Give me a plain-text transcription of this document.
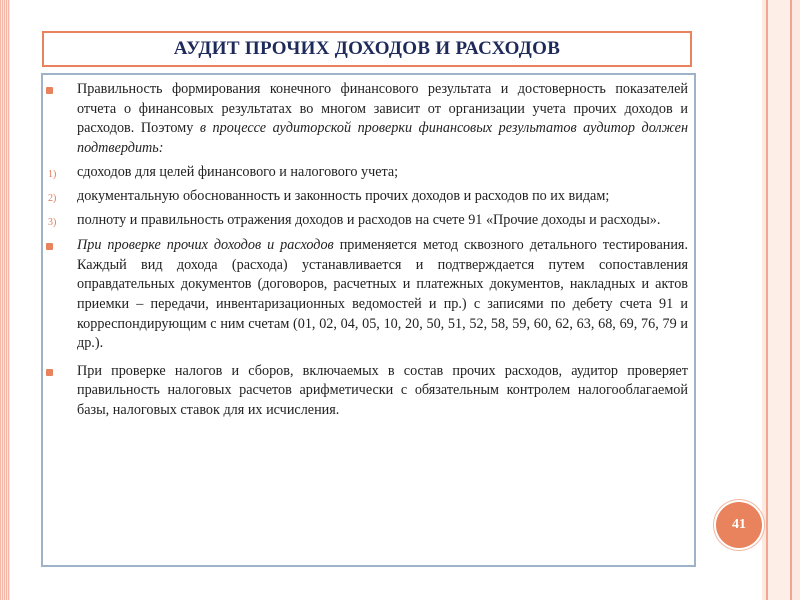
АУДИТ ПРОЧИХ ДОХОДОВ И РАСХОДОВ
Правильность формирования конечного финансового результата и достоверность показателей отчета о финансовых результатах во многом зависит от организации учета прочих доходов и расходов. Поэтому в процессе аудиторской проверки финансовых результатов аудитор должен подтвердить:
1) сдоходов для целей финансового и налогового учета;
2) документальную обоснованность и законность прочих доходов и расходов по их видам;
3) полноту и правильность отражения доходов и расходов на счете 91 «Прочие доходы и расходы».
При проверке прочих доходов и расходов применяется метод сквозного детального тестирования. Каждый вид дохода (расхода) устанавливается и подтверждается путем сопоставления оправдательных документов (договоров, расчетных и платежных документов, накладных и актов приемки – передачи, инвентаризационных ведомостей и пр.) с записями по дебету счета 91 и корреспондирующим с ним счетам (01, 02, 04, 05, 10, 20, 50, 51, 52, 58, 59, 60, 62, 63, 68, 69, 76, 79 и др.).
При проверке налогов и сборов, включаемых в состав прочих расходов, аудитор проверяет правильность налоговых расчетов арифметически с обязательным контролем налогооблагаемой базы, налоговых ставок для их исчисления.
41
